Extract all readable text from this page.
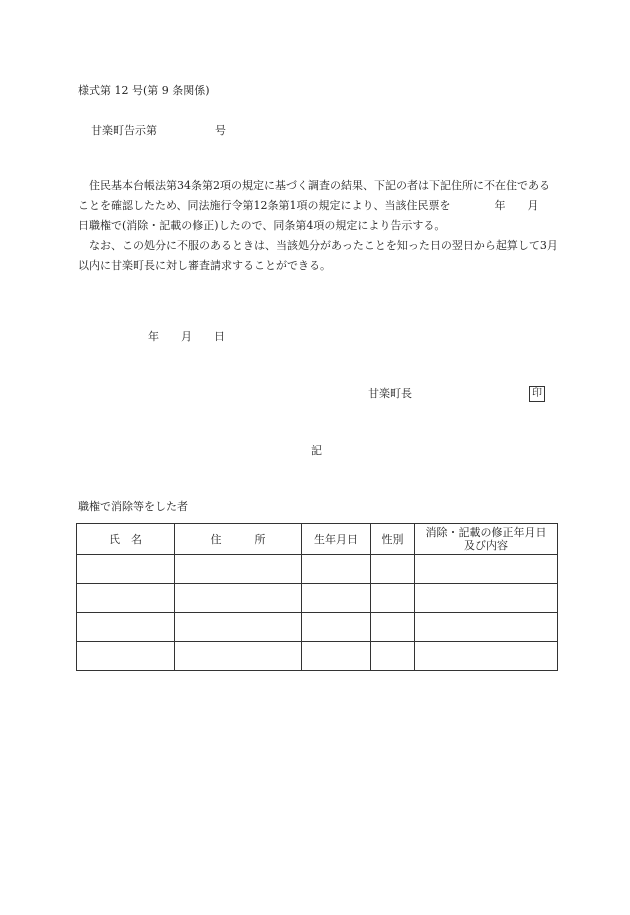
様式第 12 号(第 9 条関係)
甘楽町告示第	号
　住民基本台帳法第34条第2項の規定に基づく調査の結果、下記の者は下記住所に不在住であることを確認したため、同法施行令第12条第1項の規定により、当該住民票を　　　　年　　月　　日職権で(消除・記載の修正)したので、同条第4項の規定により告示する。
　なお、この処分に不服のあるときは、当該処分があったことを知った日の翌日から起算して3月以内に甘楽町長に対し審査請求することができる。
年 月 日
甘楽町長	印
記
職権で消除等をした者
氏　名	住　　　所	生年月日	性別	消除・記載の修正年月日
及び内容
